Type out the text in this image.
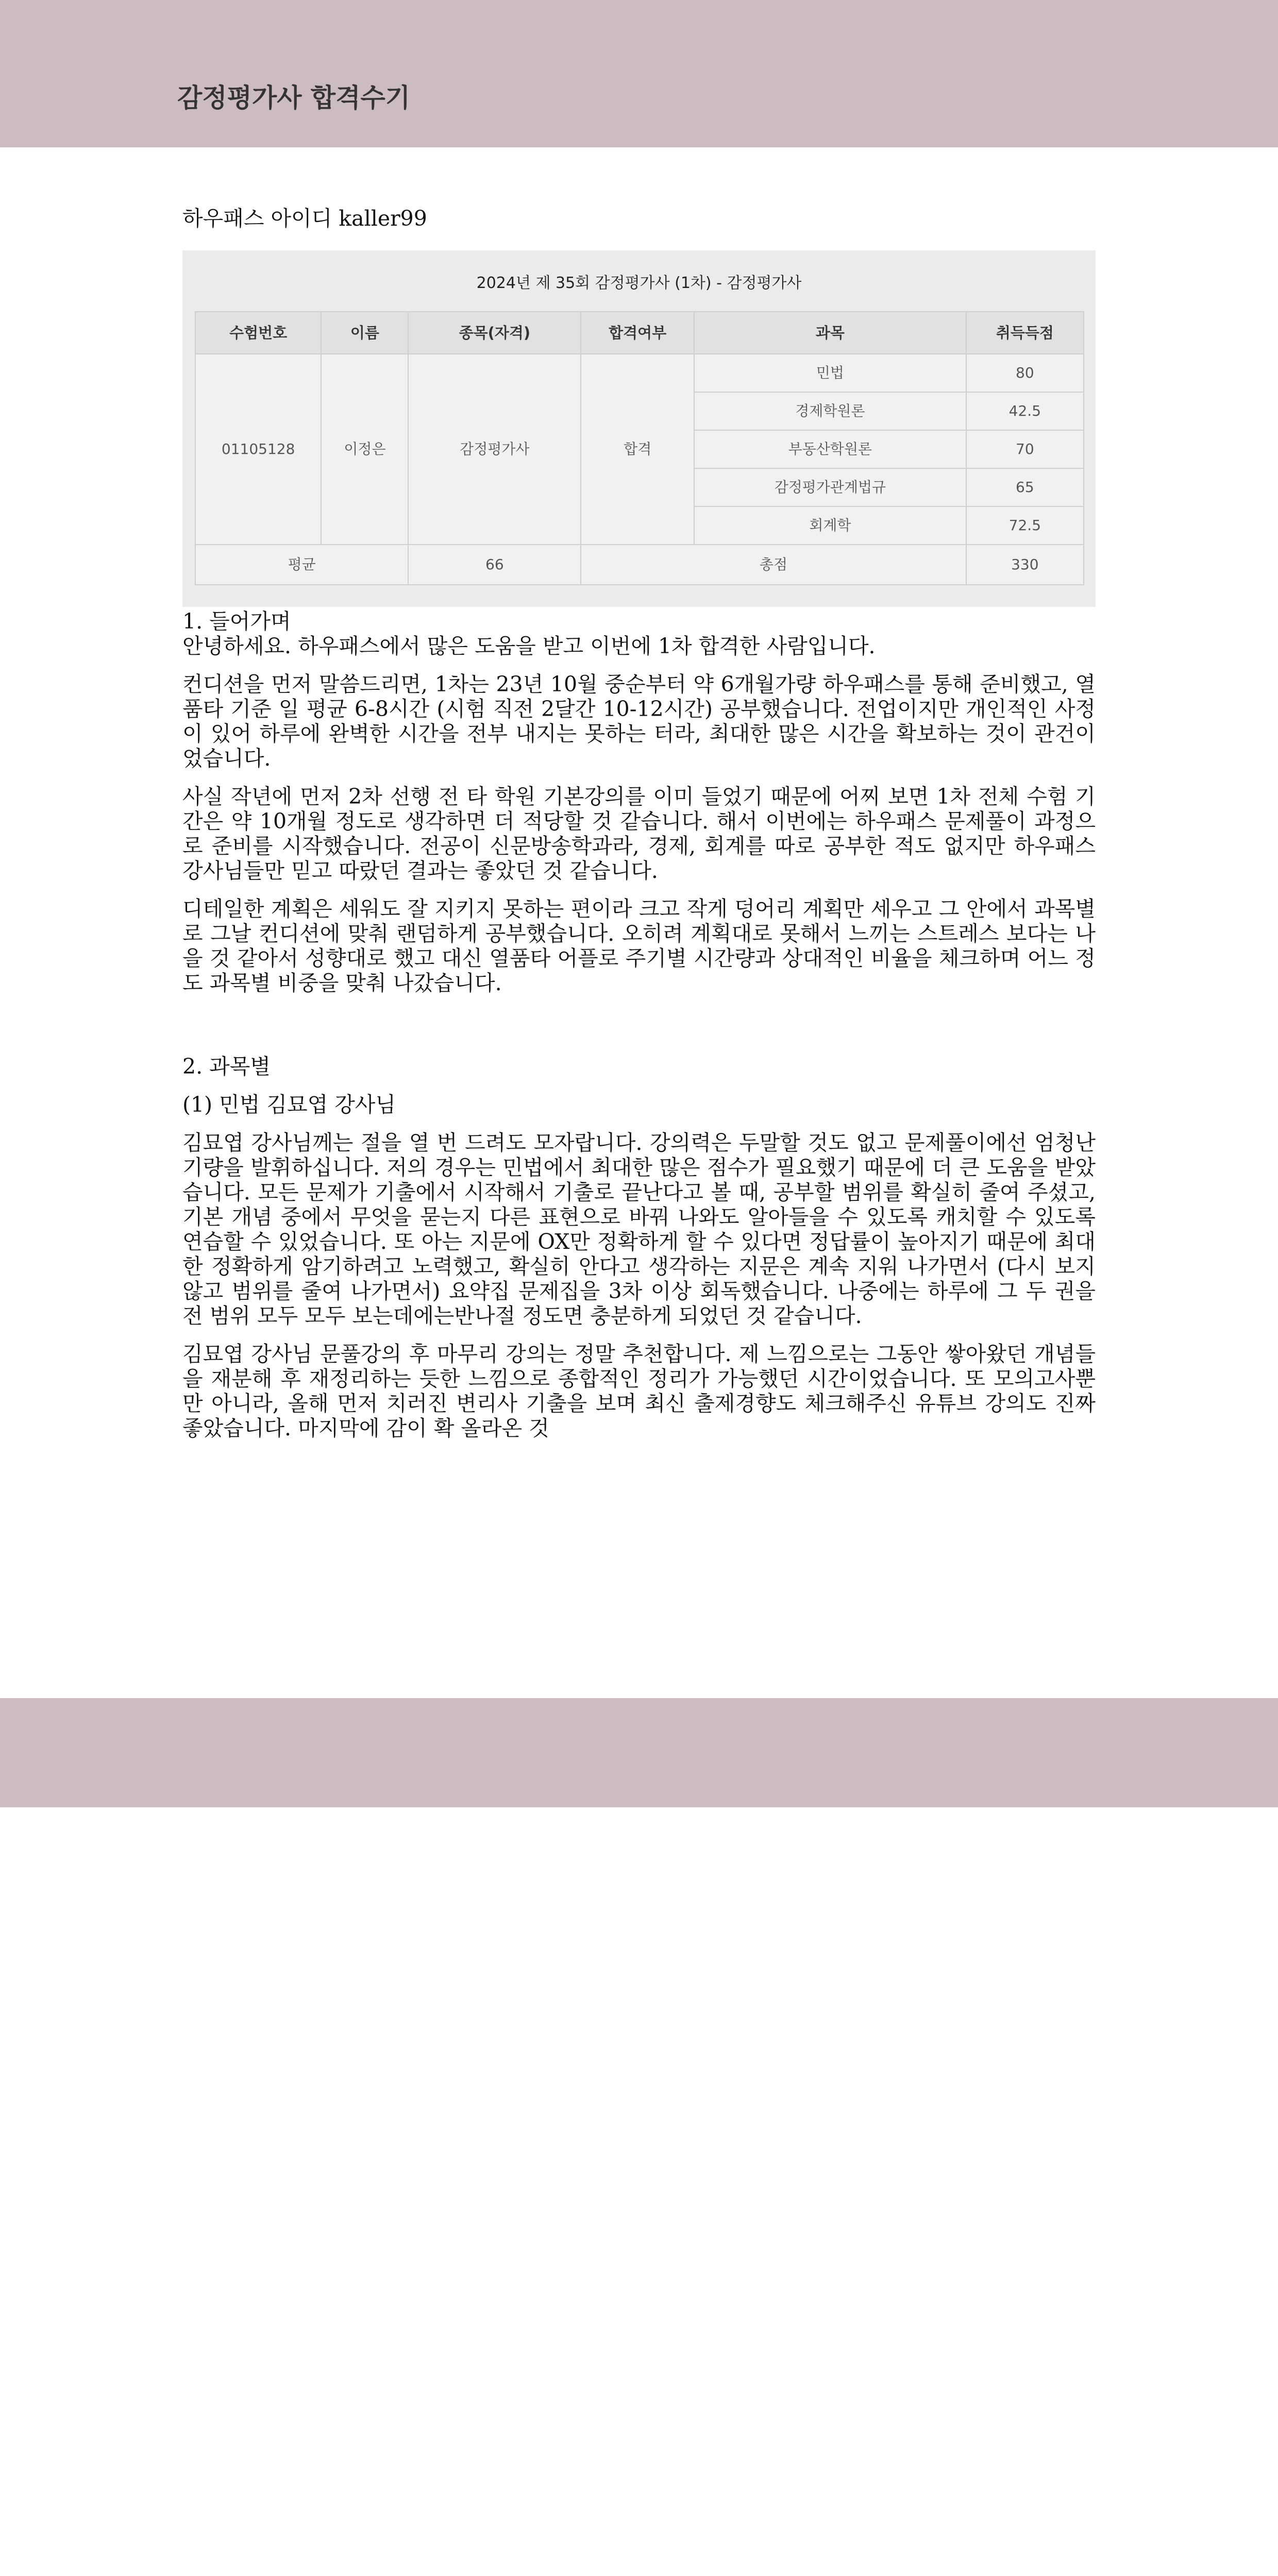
감정평가사 합격수기
하우패스 아이디 kaller99
2024년 제 35회 감정평가사 (1차) - 감정평가사
수험번호	이름	종목(자격)	합격여부	과목	취득득점
01105128	이정은	감정평가사	합격	민법	80
				경제학원론	42.5
				부동산학원론	70
				감정평가관계법규	65
				회계학	72.5
평균		66	총점		330
1. 들어가며

안녕하세요. 하우패스에서 많은 도움을 받고 이번에 1차 합격한 사람입니다.

컨디션을 먼저 말씀드리면, 1차는 23년 10월 중순부터 약 6개월가량 하우패스를 통해 준비했고, 열품타 기준 일 평균 6-8시간 (시험 직전 2달간 10-12시간) 공부했습니다. 전업이지만 개인적인 사정이 있어 하루에 완벽한 시간을 전부 내지는 못하는 터라, 최대한 많은 시간을 확보하는 것이 관건이었습니다.

사실 작년에 먼저 2차 선행 전 타 학원 기본강의를 이미 들었기 때문에 어찌 보면 1차 전체 수험 기간은 약 10개월 정도로 생각하면 더 적당할 것 같습니다. 해서 이번에는 하우패스 문제풀이 과정으로 준비를 시작했습니다. 전공이 신문방송학과라, 경제, 회계를 따로 공부한 적도 없지만 하우패스 강사님들만 믿고 따랐던 결과는 좋았던 것 같습니다.

디테일한 계획은 세워도 잘 지키지 못하는 편이라 크고 작게 덩어리 계획만 세우고 그 안에서 과목별로 그날 컨디션에 맞춰 랜덤하게 공부했습니다. 오히려 계획대로 못해서 느끼는 스트레스 보다는 나을 것 같아서 성향대로 했고 대신 열품타 어플로 주기별 시간량과 상대적인 비율을 체크하며 어느 정도 과목별 비중을 맞춰 나갔습니다.

2. 과목별
(1) 민법 김묘엽 강사님

김묘엽 강사님께는 절을 열 번 드려도 모자랍니다. 강의력은 두말할 것도 없고 문제풀이에선 엄청난 기량을 발휘하십니다. 저의 경우는 민법에서 최대한 많은 점수가 필요했기 때문에 더 큰 도움을 받았습니다. 모든 문제가 기출에서 시작해서 기출로 끝난다고 볼 때, 공부할 범위를 확실히 줄여 주셨고, 기본 개념 중에서 무엇을 묻는지 다른 표현으로 바꿔 나와도 알아들을 수 있도록 캐치할 수 있도록 연습할 수 있었습니다. 또 아는 지문에 OX만 정확하게 할 수 있다면 정답률이 높아지기 때문에 최대한 정확하게 암기하려고 노력했고, 확실히 안다고 생각하는 지문은 계속 지워 나가면서 (다시 보지 않고 범위를 줄여 나가면서) 요약집 문제집을 3차 이상 회독했습니다. 나중에는 하루에 그 두 권을 전 범위 모두 모두 보는데에는반나절 정도면 충분하게 되었던 것 같습니다.

김묘엽 강사님 문풀강의 후 마무리 강의는 정말 추천합니다. 제 느낌으로는 그동안 쌓아왔던 개념들을 재분해 후 재정리하는 듯한 느낌으로 종합적인 정리가 가능했던 시간이었습니다. 또 모의고사뿐만 아니라, 올해 먼저 치러진 변리사 기출을 보며 최신 출제경향도 체크해주신 유튜브 강의도 진짜 좋았습니다. 마지막에 감이 확 올라온 것
